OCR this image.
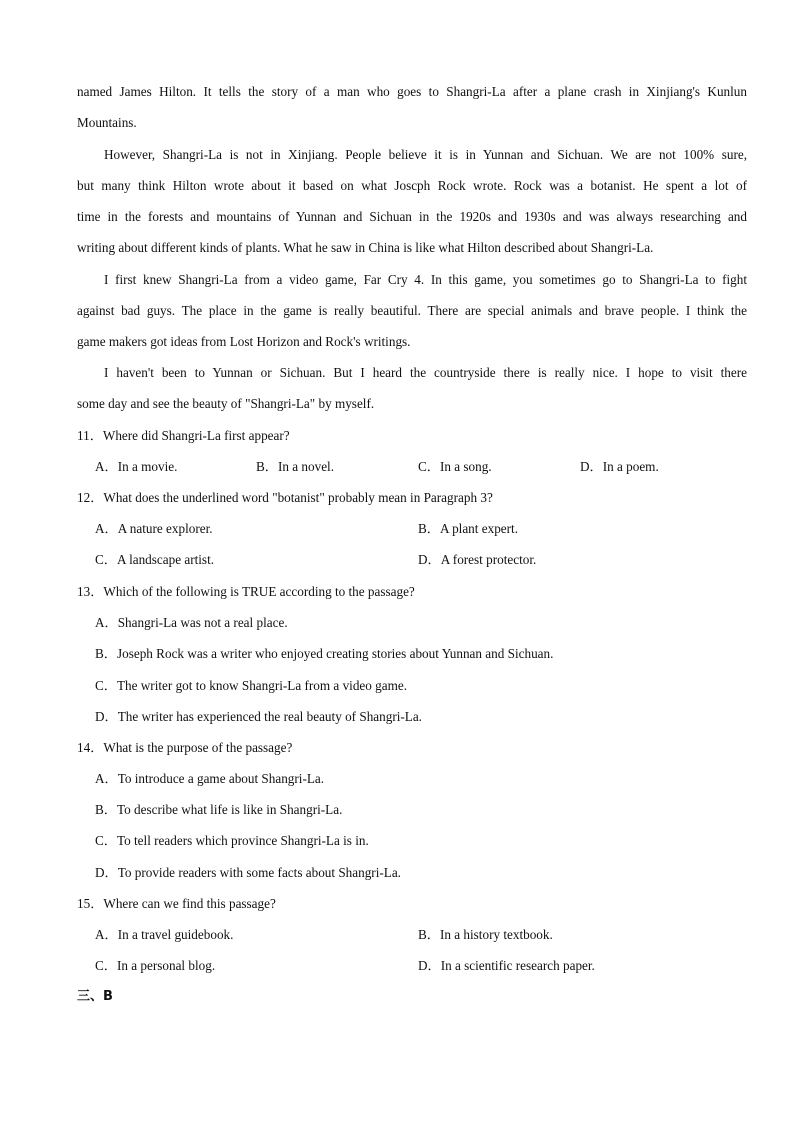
named James Hilton. It tells the story of a man who goes to Shangri-La after a plane crash in Xinjiang's Kunlun
Mountains.
However, Shangri-La is not in Xinjiang. People believe it is in Yunnan and Sichuan. We are not 100% sure,
but many think Hilton wrote about it based on what Joscph Rock wrote. Rock was a botanist. He spent a lot of
time in the forests and mountains of Yunnan and Sichuan in the 1920s and 1930s and was always researching and
writing about different kinds of plants. What he saw in China is like what Hilton described about Shangri-La.
I first knew Shangri-La from a video game, Far Cry 4. In this game, you sometimes go to Shangri-La to fight
against bad guys. The place in the game is really beautiful. There are special animals and brave people. I think the
game makers got ideas from Lost Horizon and Rock's writings.
I haven't been to Yunnan or Sichuan. But I heard the countryside there is really nice. I hope to visit there
some day and see the beauty of "Shangri-La" by myself.
11．Where did Shangri-La first appear?
A．In a movie.	B．In a novel.	C．In a song.	D．In a poem.
12．What does the underlined word "botanist" probably mean in Paragraph 3?
A．A nature explorer.	B．A plant expert.
C．A landscape artist.	D．A forest protector.
13．Which of the following is TRUE according to the passage?
A．Shangri-La was not a real place.
B．Joseph Rock was a writer who enjoyed creating stories about Yunnan and Sichuan.
C．The writer got to know Shangri-La from a video game.
D．The writer has experienced the real beauty of Shangri-La.
14．What is the purpose of the passage?
A．To introduce a game about Shangri-La.
B．To describe what life is like in Shangri-La.
C．To tell readers which province Shangri-La is in.
D．To provide readers with some facts about Shangri-La.
15．Where can we find this passage?
A．In a travel guidebook.	B．In a history textbook.
C．In a personal blog.	D．In a scientific research paper.
三、B
